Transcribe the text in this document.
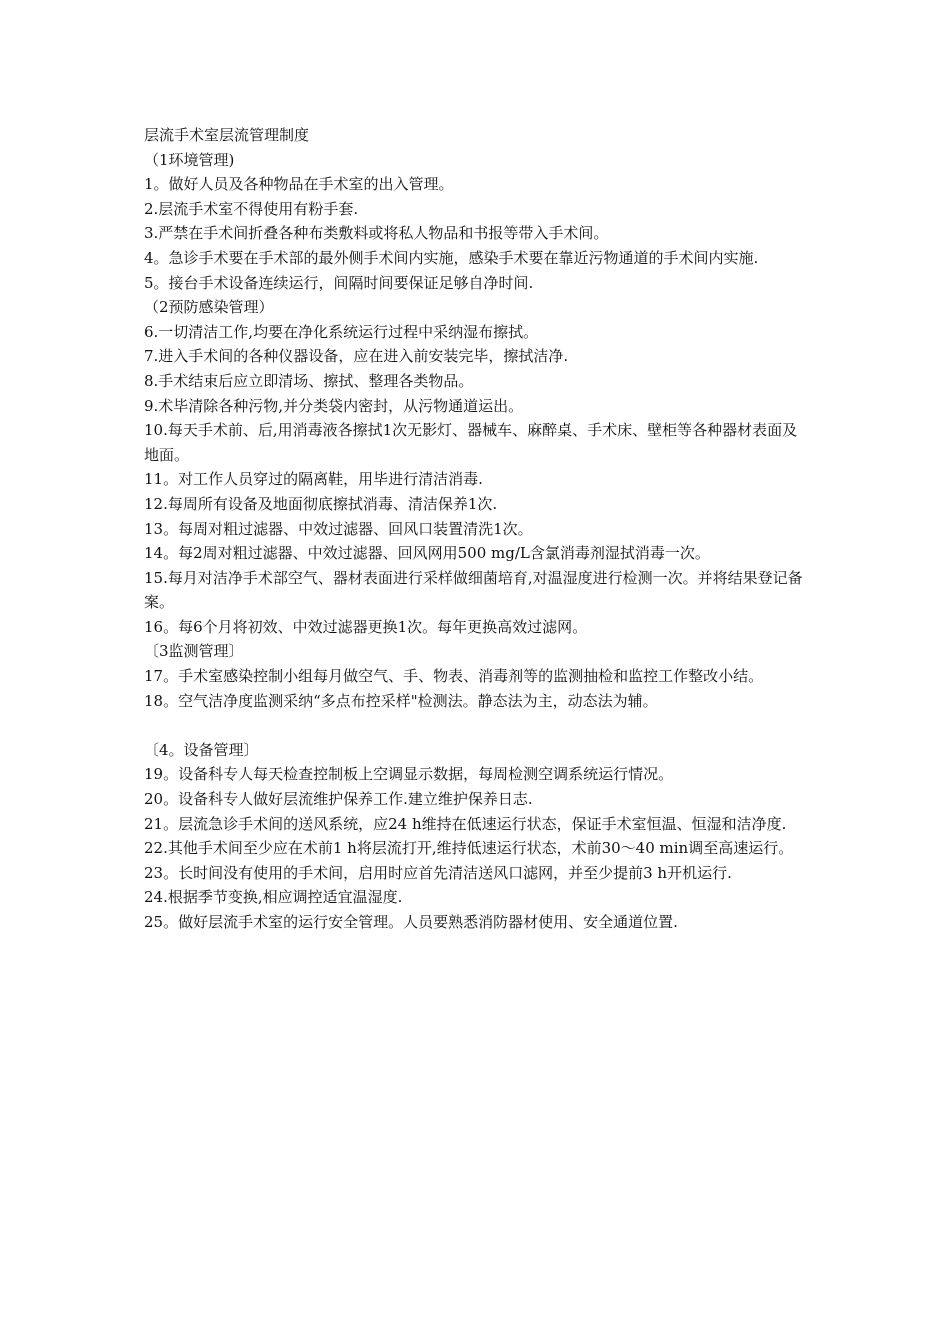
层流手术室层流管理制度

（1环境管理)

1。做好人员及各种物品在手术室的出入管理。

2.层流手术室不得使用有粉手套.

3.严禁在手术间折叠各种布类敷料或将私人物品和书报等带入手术间。

4。急诊手术要在手术部的最外侧手术间内实施，感染手术要在靠近污物通道的手术间内实施.

5。接台手术设备连续运行，间隔时间要保证足够自净时间.

（2预防感染管理）

6.一切清洁工作,均要在净化系统运行过程中采纳湿布擦拭。

7.进入手术间的各种仪器设备，应在进入前安装完毕，擦拭洁净.

8.手术结束后应立即清场、擦拭、整理各类物品。

9.术毕清除各种污物,并分类袋内密封，从污物通道运出。

10.每天手术前、后,用消毒液各擦拭1次无影灯、器械车、麻醉桌、手术床、壁柜等各种器材表面及地面。

11。对工作人员穿过的隔离鞋，用毕进行清洁消毒.

12.每周所有设备及地面彻底擦拭消毒、清洁保养1次.

13。每周对粗过滤器、中效过滤器、回风口装置清洗1次。

14。每2周对粗过滤器、中效过滤器、回风网用500 mg/L含氯消毒剂湿拭消毒一次。

15.每月对洁净手术部空气、器材表面进行采样做细菌培育,对温湿度进行检测一次。并将结果登记备案。

16。每6个月将初效、中效过滤器更换1次。每年更换高效过滤网。

〔3监测管理〕

17。手术室感染控制小组每月做空气、手、物表、消毒剂等的监测抽检和监控工作整改小结。

18。空气洁净度监测采纳“多点布控采样"检测法。静态法为主，动态法为辅。

〔4。设备管理〕

19。设备科专人每天检查控制板上空调显示数据，每周检测空调系统运行情况。

20。设备科专人做好层流维护保养工作.建立维护保养日志.

21。层流急诊手术间的送风系统，应24 h维持在低速运行状态，保证手术室恒温、恒湿和洁净度.

22.其他手术间至少应在术前1 h将层流打开,维持低速运行状态，术前30～40 min调至高速运行。

23。长时间没有使用的手术间，启用时应首先清洁送风口滤网，并至少提前3 h开机运行.

24.根据季节变换,相应调控适宜温湿度.

25。做好层流手术室的运行安全管理。人员要熟悉消防器材使用、安全通道位置.
